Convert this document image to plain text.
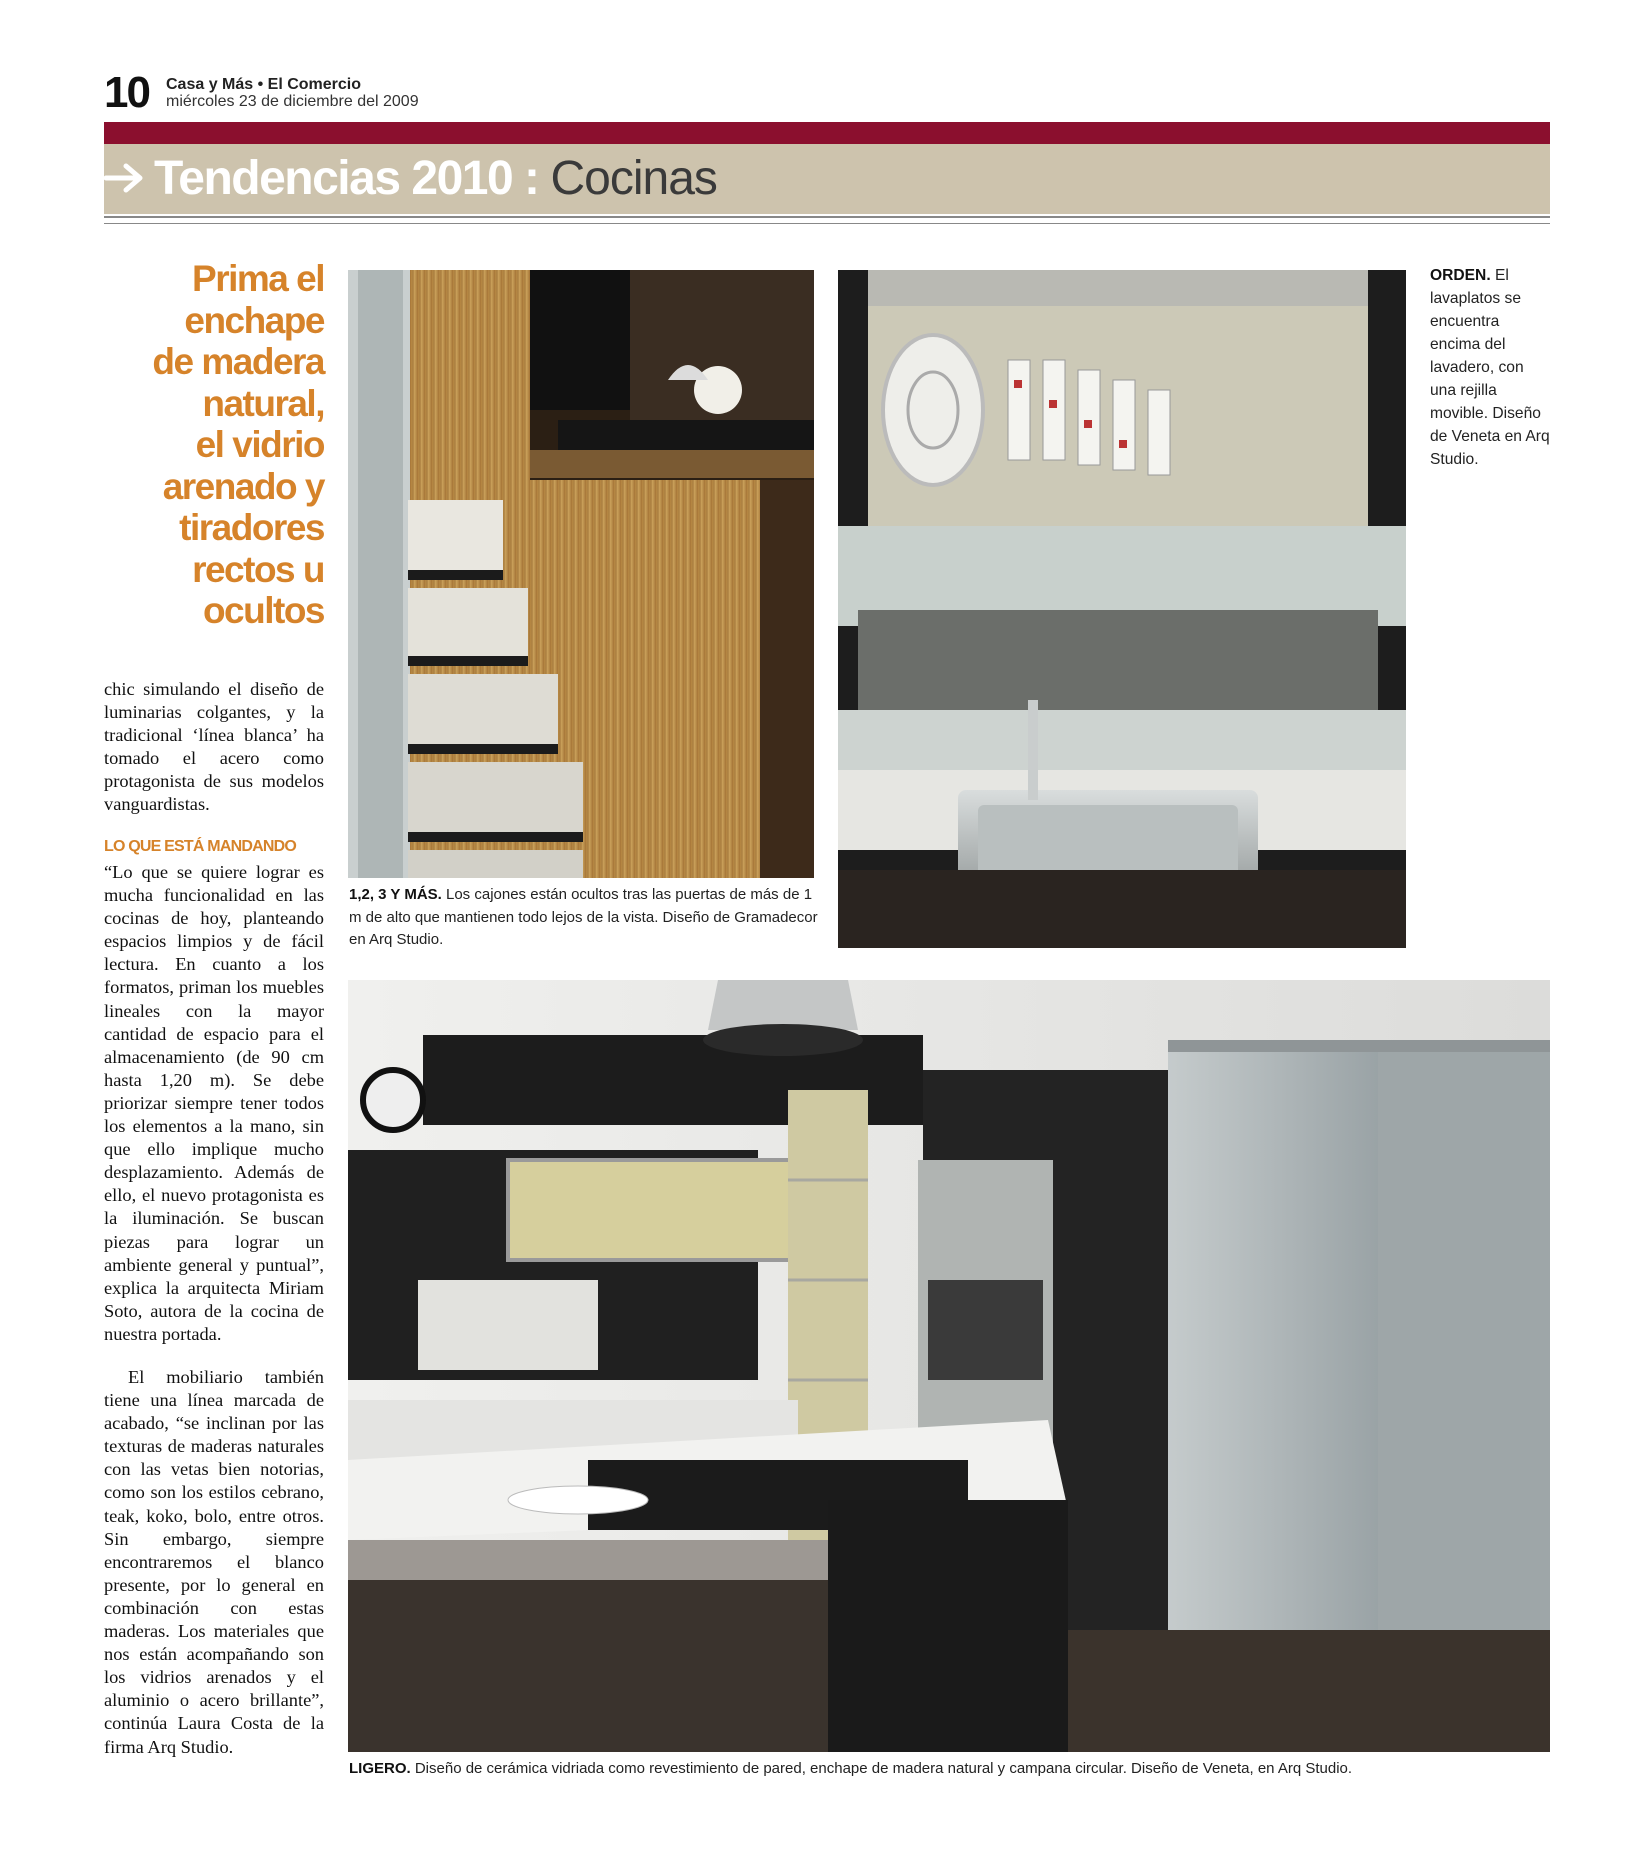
10 Casa y Más • El Comercio
miércoles 23 de diciembre del 2009
Tendencias 2010 : Cocinas
Prima el
enchape
de madera
natural,
el vidrio
arenado y
tiradores
rectos u
ocultos

chic simulando el diseño de luminarias colgantes, y la tradicional ‘línea blanca’ ha tomado el acero como protagonista de sus modelos vanguardistas.

LO QUE ESTÁ MANDANDO

“Lo que se quiere lograr es mucha funcionalidad en las cocinas de hoy, planteando espacios limpios y de fácil lectura. En cuanto a los formatos, priman los muebles lineales con la mayor cantidad de espacio para el almacenamiento (de 90 cm hasta 1,20 m). Se debe priorizar siempre tener todos los elementos a la mano, sin que ello implique mucho desplazamiento. Además de ello, el nuevo protagonista es la iluminación. Se buscan piezas para lograr un ambiente general y puntual”, explica la arquitecta Miriam Soto, autora de la cocina de nuestra portada.

El mobiliario también tiene una línea marcada de acabado, “se inclinan por las texturas de maderas naturales con las vetas bien notorias, como son los estilos cebrano, teak, koko, bolo, entre otros. Sin embargo, siempre encontraremos el blanco presente, por lo general en combinación con estas maderas. Los materiales que nos están acompañando son los vidrios arenados y el aluminio o acero brillante”, continúa Laura Costa de la firma Arq Studio.

1,2, 3 Y MÁS. Los cajones están ocultos tras las puertas de más de 1 m de alto que mantienen todo lejos de la vista. Diseño de Gramadecor en Arq Studio.
ORDEN. El lavaplatos se encuentra encima del lavadero, con una rejilla movible. Diseño de Veneta en Arq Studio.
LIGERO. Diseño de cerámica vidriada como revestimiento de pared, enchape de madera natural y campana circular. Diseño de Veneta, en Arq Studio.
